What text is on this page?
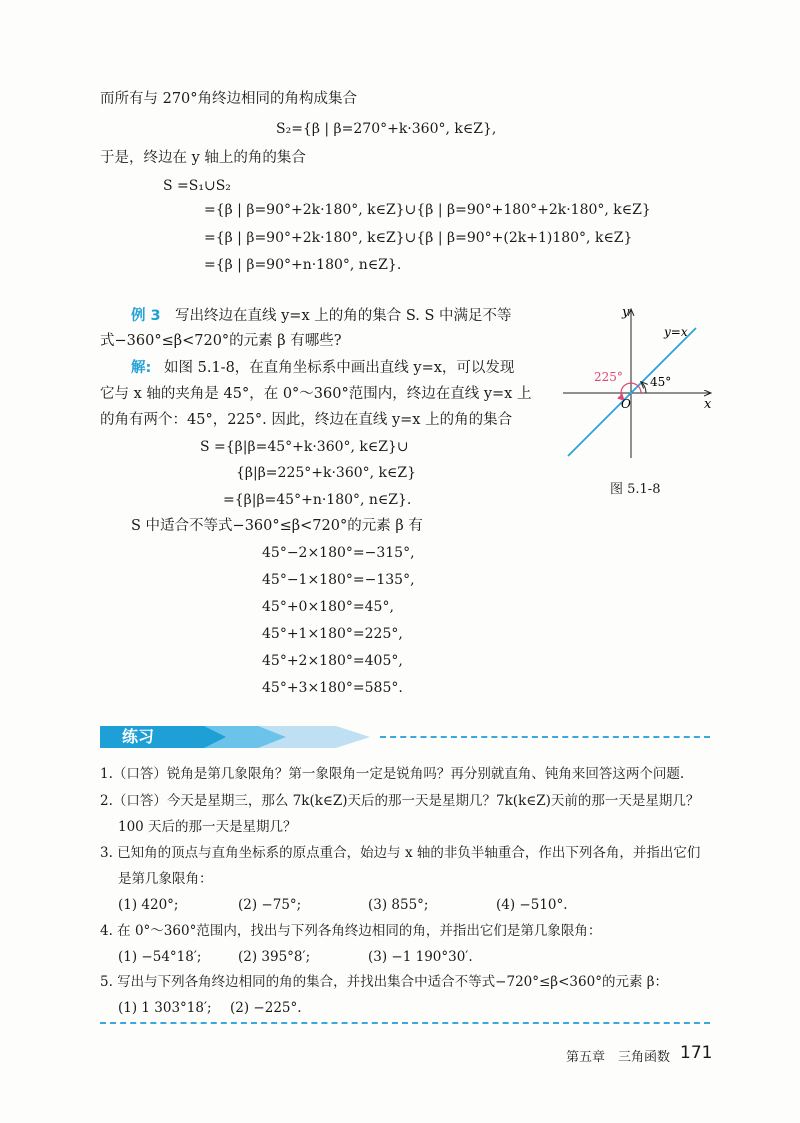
而所有与 270°角终边相同的角构成集合
S₂={β | β=270°+k·360°, k∈Z},
于是，终边在 y 轴上的角的集合
S =S₁∪S₂
={β | β=90°+2k·180°, k∈Z}∪{β | β=90°+180°+2k·180°, k∈Z}
={β | β=90°+2k·180°, k∈Z}∪{β | β=90°+(2k+1)180°, k∈Z}
={β | β=90°+n·180°, n∈Z}.
例 3 写出终边在直线 y=x 上的角的集合 S. S 中满足不等
式−360°≤β<720°的元素 β 有哪些?
解: 如图 5.1-8，在直角坐标系中画出直线 y=x，可以发现
它与 x 轴的夹角是 45°，在 0°～360°范围内，终边在直线 y=x 上
的角有两个：45°，225°. 因此，终边在直线 y=x 上的角的集合
S ={β|β=45°+k·360°, k∈Z}∪
{β|β=225°+k·360°, k∈Z}
={β|β=45°+n·180°, n∈Z}.
S 中适合不等式−360°≤β<720°的元素 β 有
45°−2×180°=−315°,
45°−1×180°=−135°,
45°+0×180°=45°,
45°+1×180°=225°,
45°+2×180°=405°,
45°+3×180°=585°.
y
x
O
y=x
225° 45°
图 5.1-8
练习
1.（口答）锐角是第几象限角？第一象限角一定是锐角吗？再分别就直角、钝角来回答这两个问题.
2.（口答）今天是星期三，那么 7k(k∈Z)天后的那一天是星期几？7k(k∈Z)天前的那一天是星期几？
100 天后的那一天是星期几？
3. 已知角的顶点与直角坐标系的原点重合，始边与 x 轴的非负半轴重合，作出下列各角，并指出它们
是第几象限角：
(1) 420°;	(2) −75°;	(3) 855°;	(4) −510°.
4. 在 0°～360°范围内，找出与下列各角终边相同的角，并指出它们是第几象限角：
(1) −54°18′;	(2) 395°8′;	(3) −1 190°30′.
5. 写出与下列各角终边相同的角的集合，并找出集合中适合不等式−720°≤β<360°的元素 β：
(1) 1 303°18′; (2) −225°.
第五章　三角函数 171
